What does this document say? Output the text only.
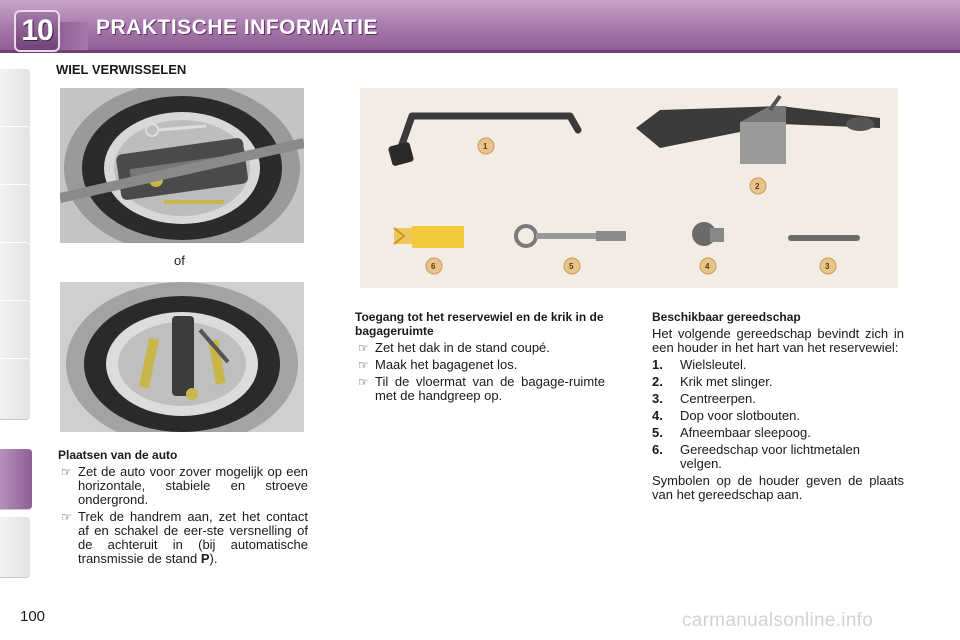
10 PRAKTISCHE INFORMATIE
WIEL VERWISSELEN
of
1
2
6	5	4	3
Plaatsen van de auto
☞ Zet de auto voor zover mogelijk op een horizontale, stabiele en stroeve ondergrond.
☞ Trek de handrem aan, zet het contact af en schakel de eer-ste versnelling of de achteruit in (bij automatische transmissie de stand P).
Toegang tot het reservewiel en de krik in de bagageruimte
☞ Zet het dak in de stand coupé.
☞ Maak het bagagenet los.
☞ Til de vloermat van de bagage-ruimte met de handgreep op.
Beschikbaar gereedschap

Het volgende gereedschap bevindt zich in een houder in het hart van het reservewiel:

1. Wielsleutel.
2. Krik met slinger.
3. Centreerpen.
4. Dop voor slotbouten.
5. Afneembaar sleepoog.
6. Gereedschap voor lichtmetalen velgen.

Symbolen op de houder geven de plaats van het gereedschap aan.

100	carmanualsonline.info
